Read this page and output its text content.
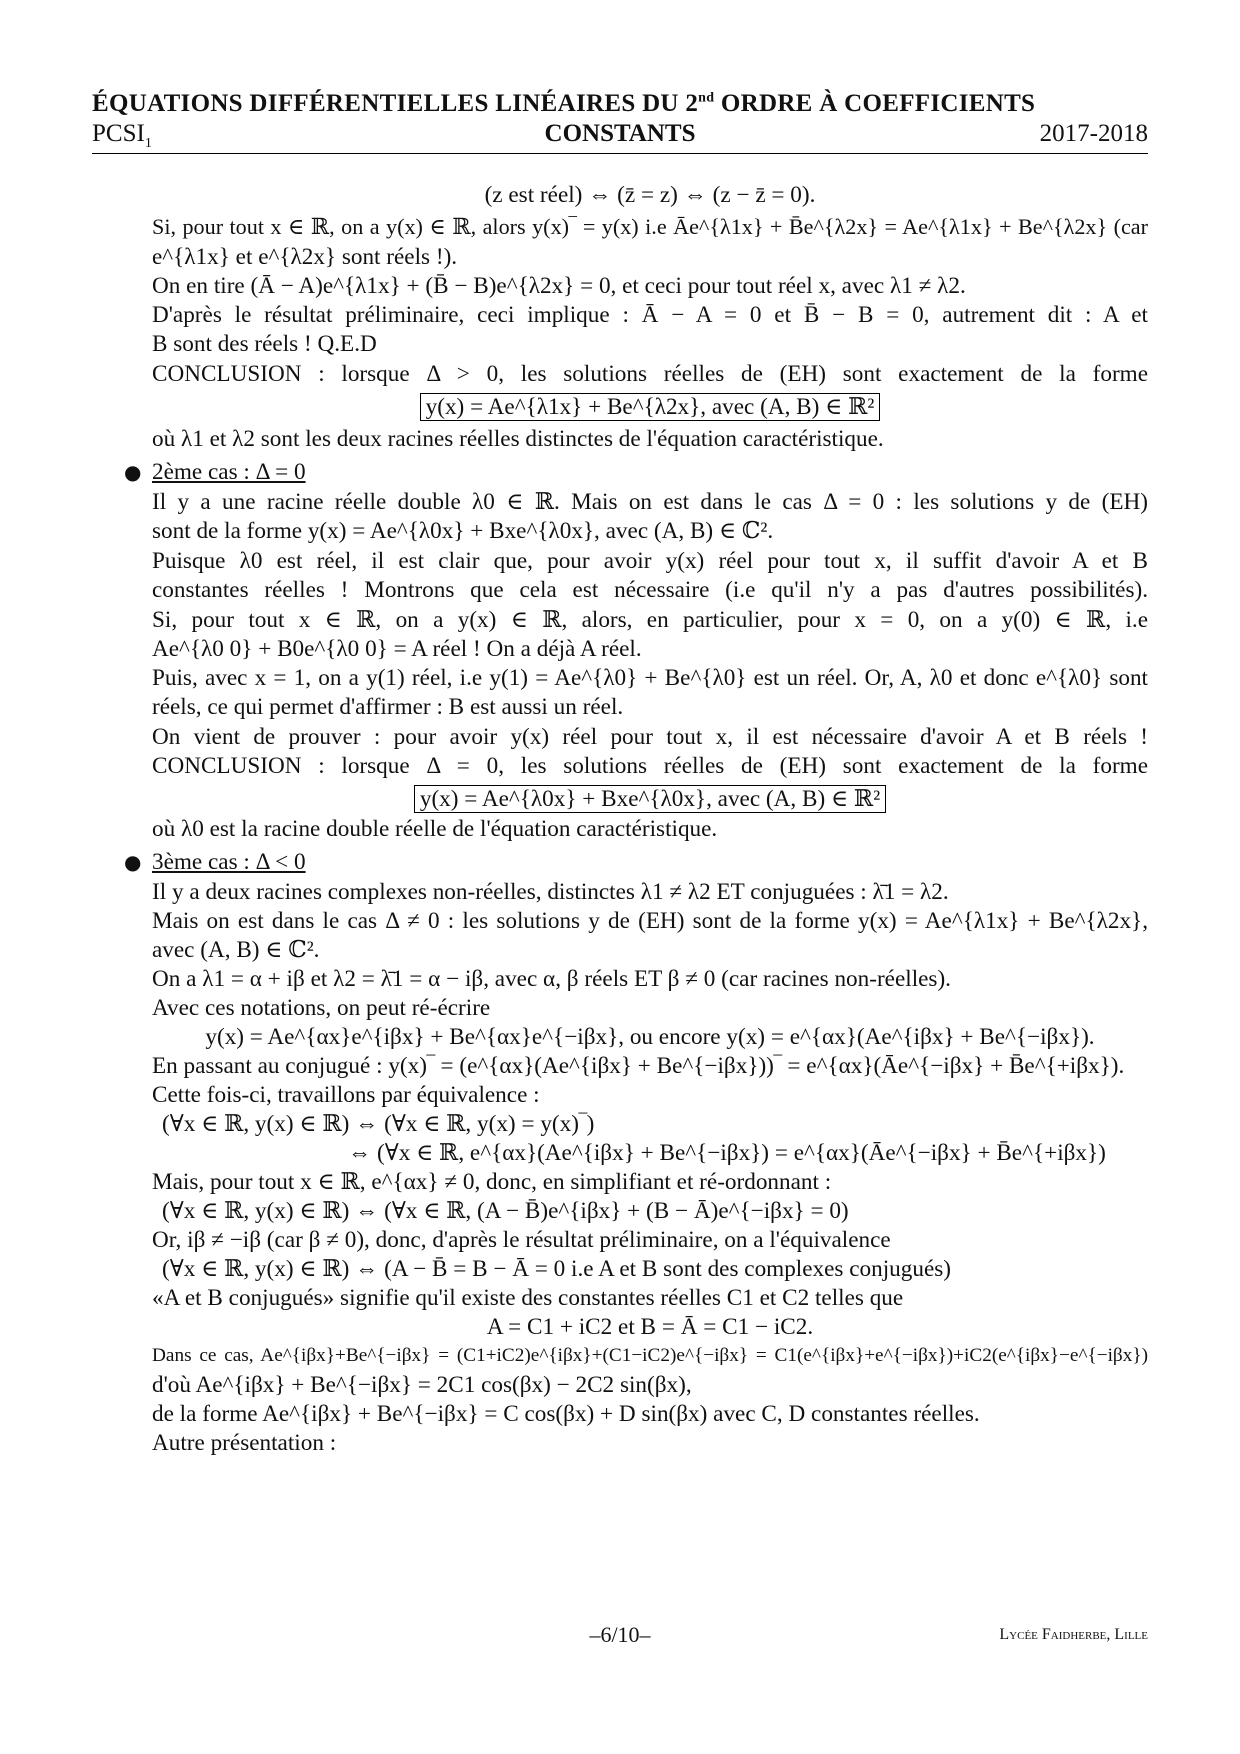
ÉQUATIONS DIFFÉRENTIELLES LINÉAIRES DU 2nd ORDRE À COEFFICIENTS
$PCSI_1$	CONSTANTS	2017-2018
(z est réel) ⇔ (z̄ = z) ⇔ (z − z̄ = 0).
Si, pour tout x ∈ ℝ, on a y(x) ∈ ℝ, alors y(x)‾ = y(x) i.e Āe^{λ1x} + B̄e^{λ2x} = Ae^{λ1x} + Be^{λ2x} (car
e^{λ1x} et e^{λ2x} sont réels !).
On en tire (Ā − A)e^{λ1x} + (B̄ − B)e^{λ2x} = 0, et ceci pour tout réel x, avec λ1 ≠ λ2.
D'après le résultat préliminaire, ceci implique : Ā − A = 0 et B̄ − B = 0, autrement dit : A et
B sont des réels ! Q.E.D
CONCLUSION : lorsque Δ > 0, les solutions réelles de (EH) sont exactement de la forme
y(x) = Ae^{λ1x} + Be^{λ2x}, avec (A, B) ∈ ℝ²
où λ1 et λ2 sont les deux racines réelles distinctes de l'équation caractéristique.
● 2ème cas : Δ = 0
Il y a une racine réelle double λ0 ∈ ℝ. Mais on est dans le cas Δ = 0 : les solutions y de (EH)
sont de la forme y(x) = Ae^{λ0x} + Bxe^{λ0x}, avec (A, B) ∈ ℂ².
Puisque λ0 est réel, il est clair que, pour avoir y(x) réel pour tout x, il suffit d'avoir A et B
constantes réelles ! Montrons que cela est nécessaire (i.e qu'il n'y a pas d'autres possibilités).
Si, pour tout x ∈ ℝ, on a y(x) ∈ ℝ, alors, en particulier, pour x = 0, on a y(0) ∈ ℝ, i.e
Ae^{λ0 0} + B0e^{λ0 0} = A réel ! On a déjà A réel.
Puis, avec x = 1, on a y(1) réel, i.e y(1) = Ae^{λ0} + Be^{λ0} est un réel. Or, A, λ0 et donc e^{λ0} sont
réels, ce qui permet d'affirmer : B est aussi un réel.
On vient de prouver : pour avoir y(x) réel pour tout x, il est nécessaire d'avoir A et B réels !
CONCLUSION : lorsque Δ = 0, les solutions réelles de (EH) sont exactement de la forme
y(x) = Ae^{λ0x} + Bxe^{λ0x}, avec (A, B) ∈ ℝ²
où λ0 est la racine double réelle de l'équation caractéristique.
● 3ème cas : Δ < 0
Il y a deux racines complexes non-réelles, distinctes λ1 ≠ λ2 ET conjuguées : λ̄1 = λ2.
Mais on est dans le cas Δ ≠ 0 : les solutions y de (EH) sont de la forme y(x) = Ae^{λ1x} + Be^{λ2x},
avec (A, B) ∈ ℂ².
On a λ1 = α + iβ et λ2 = λ̄1 = α − iβ, avec α, β réels ET β ≠ 0 (car racines non-réelles).
Avec ces notations, on peut ré-écrire
y(x) = Ae^{αx}e^{iβx} + Be^{αx}e^{−iβx}, ou encore y(x) = e^{αx}(Ae^{iβx} + Be^{−iβx}).
En passant au conjugué : y(x)‾ = (e^{αx}(Ae^{iβx} + Be^{−iβx}))‾ = e^{αx}(Āe^{−iβx} + B̄e^{+iβx}).
Cette fois-ci, travaillons par équivalence :
(∀x ∈ ℝ, y(x) ∈ ℝ) ⇔ (∀x ∈ ℝ, y(x) = y(x)‾)
⇔ (∀x ∈ ℝ, e^{αx}(Ae^{iβx} + Be^{−iβx}) = e^{αx}(Āe^{−iβx} + B̄e^{+iβx})
Mais, pour tout x ∈ ℝ, e^{αx} ≠ 0, donc, en simplifiant et ré-ordonnant :
(∀x ∈ ℝ, y(x) ∈ ℝ) ⇔ (∀x ∈ ℝ, (A − B̄)e^{iβx} + (B − Ā)e^{−iβx} = 0)
Or, iβ ≠ −iβ (car β ≠ 0), donc, d'après le résultat préliminaire, on a l'équivalence
(∀x ∈ ℝ, y(x) ∈ ℝ) ⇔ (A − B̄ = B − Ā = 0 i.e A et B sont des complexes conjugués)
«A et B conjugués» signifie qu'il existe des constantes réelles C1 et C2 telles que
A = C1 + iC2 et B = Ā = C1 − iC2.
Dans ce cas, Ae^{iβx}+Be^{−iβx} = (C1+iC2)e^{iβx}+(C1−iC2)e^{−iβx} = C1(e^{iβx}+e^{−iβx})+iC2(e^{iβx}−e^{−iβx})
d'où Ae^{iβx} + Be^{−iβx} = 2C1 cos(βx) − 2C2 sin(βx),
de la forme Ae^{iβx} + Be^{−iβx} = C cos(βx) + D sin(βx) avec C, D constantes réelles.
Autre présentation :
–6/10–	Lycée Faidherbe, Lille
